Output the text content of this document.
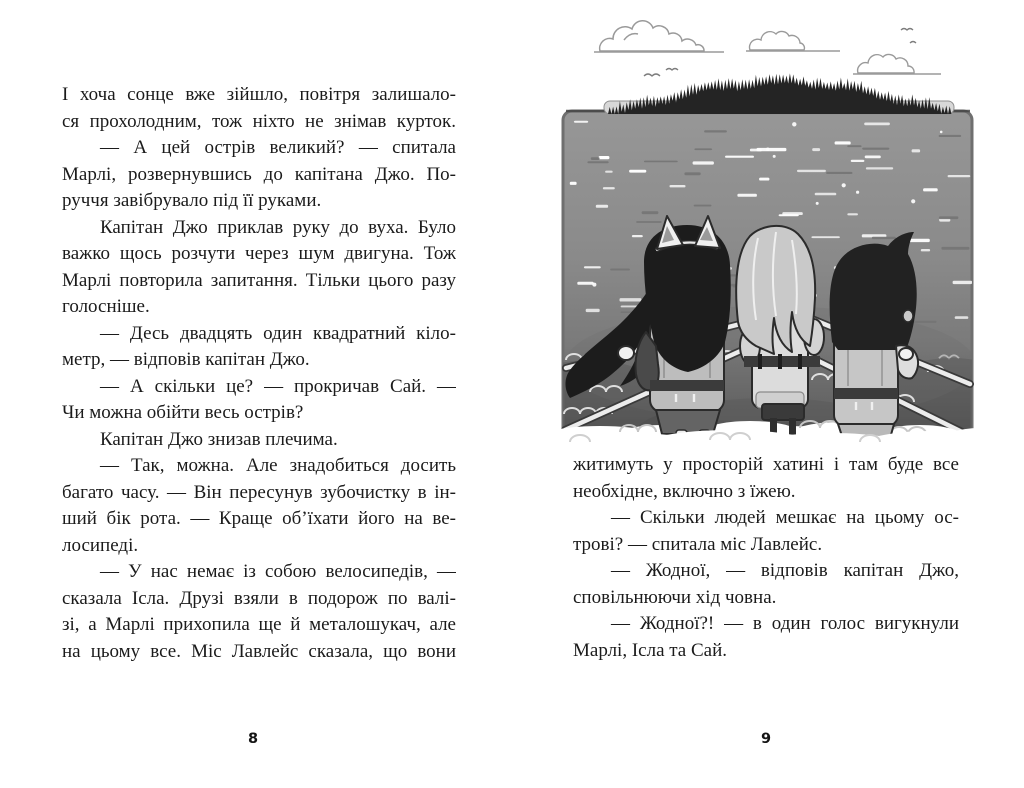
І хоча сонце вже зійшло, повітря залишало-
ся прохолодним, тож ніхто не знімав курток.
— А цей острів великий? — спитала
Марлі, розвернувшись до капітана Джо. По-
руччя завібрувало під її руками.
Капітан Джо приклав руку до вуха. Було
важко щось розчути через шум двигуна. Тож
Марлі повторила запитання. Тільки цього разу
голосніше.
— Десь двадцять один квадратний кіло-
метр, — відповів капітан Джо.
— А скільки це? — прокричав Сай. —
Чи можна обійти весь острів?
Капітан Джо знизав плечима.
— Так, можна. Але знадобиться досить
багато часу. — Він пересунув зубочистку в ін-
ший бік рота. — Краще об’їхати його на ве-
лосипеді.
— У нас немає із собою велосипедів, —
сказала Ісла. Друзі взяли в подорож по валі-
зі, а Марлі прихопила ще й металошукач, але
на цьому все. Міс Лавлейс сказала, що вони
8
житимуть у просторій хатині і там буде все
необхідне, включно з їжею.
— Скільки людей мешкає на цьому ос-
трові? — спитала міс Лавлейс.
— Жодної, — відповів капітан Джо,
сповільнюючи хід човна.
— Жодної?! — в один голос вигукнули
Марлі, Ісла та Сай.
9
